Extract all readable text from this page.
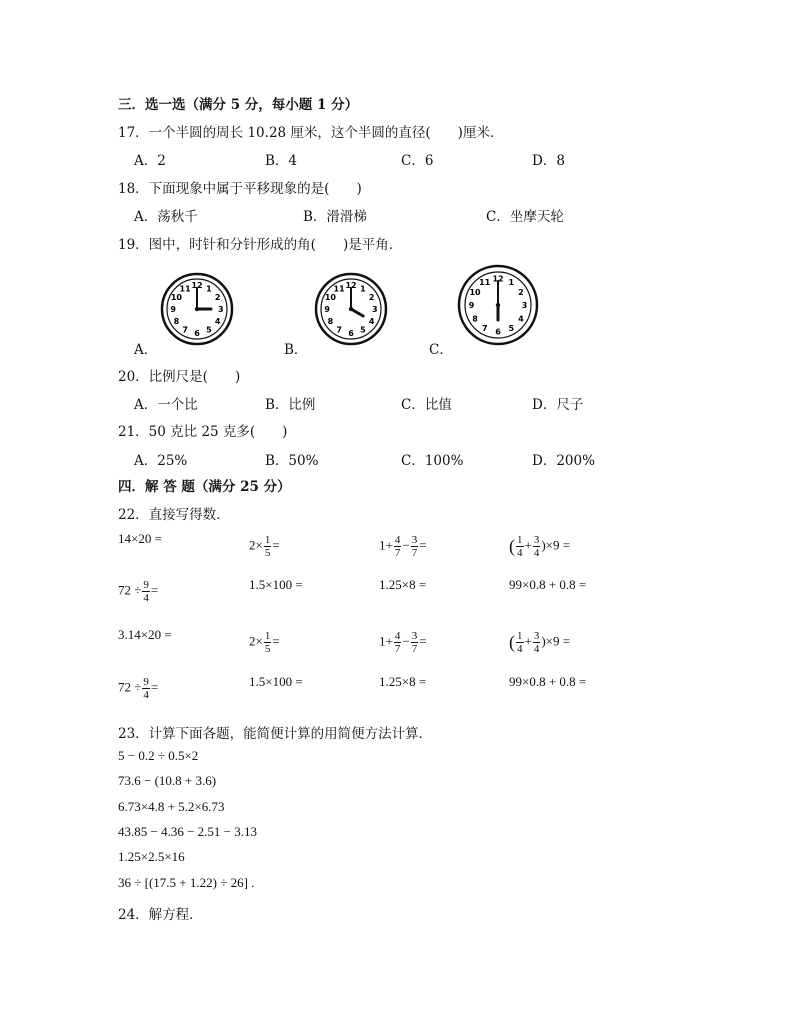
三．选一选（满分 5 分，每小题 1 分）
17．一个半圆的周长 10.28 厘米，这个半圆的直径(　　)厘米．
A．2	B．4	C．6	D．8
18．下面现象中属于平移现象的是(　　)
A．荡秋千	B．滑滑梯	C．坐摩天轮
19．图中，时针和分针形成的角(　　)是平角．
1
2
3
4
5
6
7
8
9
10
11 12	1
2
3
4
5
6
7
8
9
10
11 12	1
2
3
4
5
6
7
8
9
10
11 12
A．	B．	C．
20．比例尺是(　　)
A．一个比	B．比例	C．比值	D．尺子
21．50 克比 25 克多(　　)
A．25%	B．50%	C．100%	D．200%
四．解 答 题（满分 25 分）
22．直接写得数．
14×20 =	$2\times \frac{1}{5}$ =	$1+ \frac{4}{7} - \frac{3}{7}$ =	( $\frac{1}{4} + \frac{3}{4} )\times 9$ =
$72 \div \frac{9}{4}$ =	1.5×100 =	1.25×8 =	99×0.8 + 0.8 =
3.14×20 =	$2\times \frac{1}{5}$ =	$1+ \frac{4}{7} - \frac{3}{7}$ =	( $\frac{1}{4} + \frac{3}{4} )\times 9$ =
$72 \div \frac{9}{4}$ =	1.5×100 =	1.25×8 =	99×0.8 + 0.8 =
23．计算下面各题，能简便计算的用简便方法计算．
5 − 0.2 ÷ 0.5×2
73.6 − (10.8 + 3.6)
6.73×4.8 + 5.2×6.73
43.85 − 4.36 − 2.51 − 3.13
1.25×2.5×16
36 ÷ [(17.5 + 1.22) ÷ 26] .
24．解方程．
